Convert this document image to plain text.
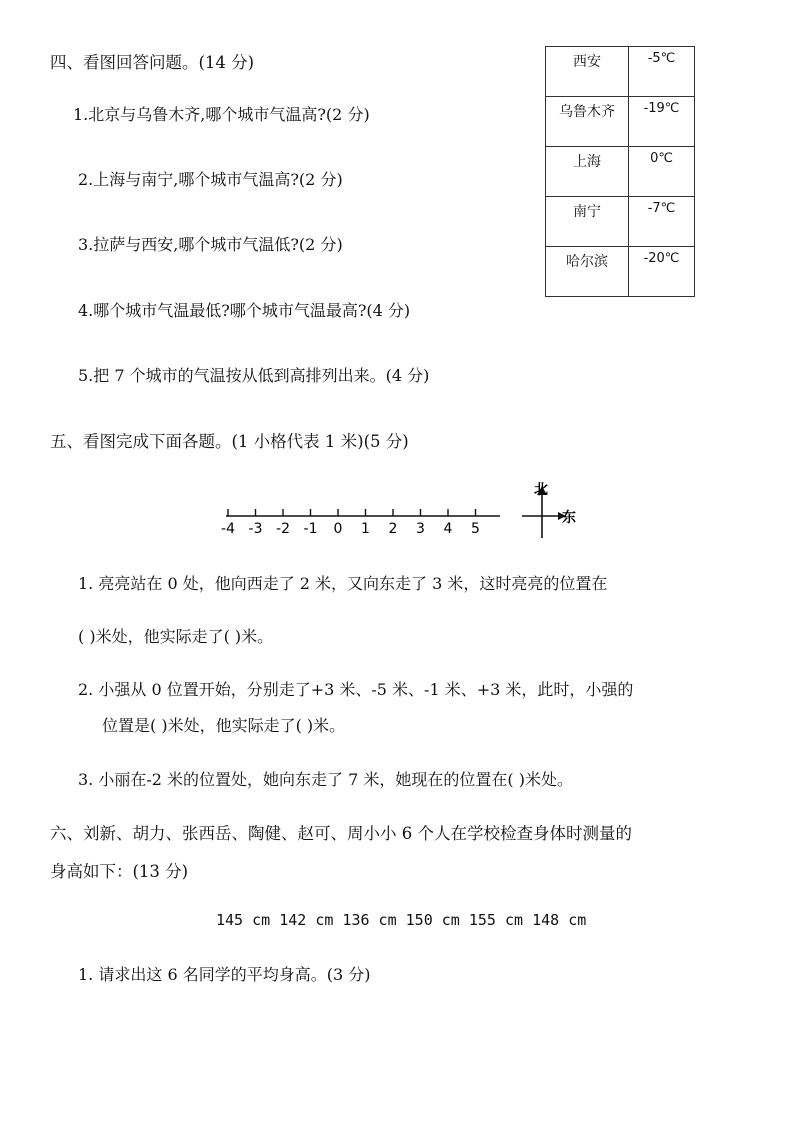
四、看图回答问题。(14 分)
1.北京与乌鲁木齐,哪个城市气温高?(2 分)
2.上海与南宁,哪个城市气温高?(2 分)
3.拉萨与西安,哪个城市气温低?(2 分)
4.哪个城市气温最低?哪个城市气温最高?(4 分)
5.把 7 个城市的气温按从低到高排列出来。(4 分)
西安	-5℃
乌鲁木齐	-19℃
上海	0℃
南宁	-7℃
哈尔滨	-20℃
五、看图完成下面各题。(1 小格代表 1 米)(5 分)
-4 -3 -2 -1 0 1 2 3 4 5
北
东
1. 亮亮站在 0 处，他向西走了 2 米，又向东走了 3 米，这时亮亮的位置在
( )米处，他实际走了( )米。
2. 小强从 0 位置开始，分别走了+3 米、-5 米、-1 米、+3 米，此时，小强的
位置是( )米处，他实际走了( )米。
3. 小丽在-2 米的位置处，她向东走了 7 米，她现在的位置在( )米处。
六、刘新、胡力、张西岳、陶健、赵可、周小小 6 个人在学校检查身体时测量的
身高如下：(13 分)
145 cm 142 cm 136 cm 150 cm 155 cm 148 cm
1. 请求出这 6 名同学的平均身高。(3 分)
